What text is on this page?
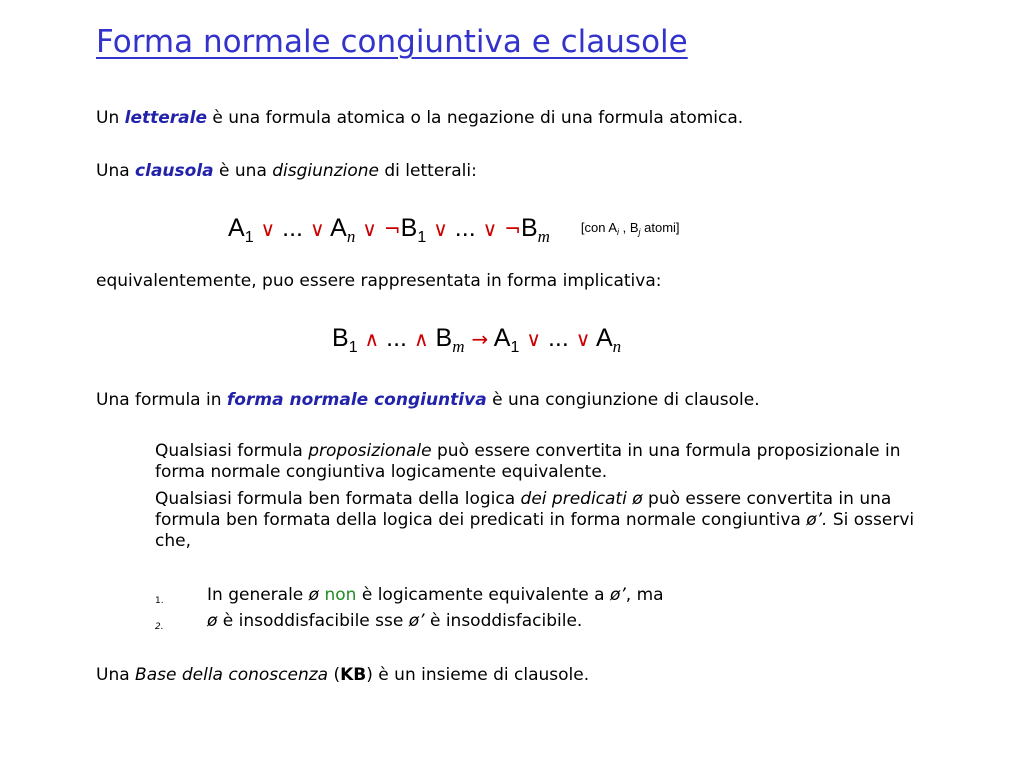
Forma normale congiuntiva e clausole
Un letterale è una formula atomica o la negazione di una formula atomica.
Una clausola è una disgiunzione di letterali:
$A_1$ ∨ ... ∨ $A_n$ ∨ $\neg B_1$ ∨ ... ∨ $\neg B_m$ [con $A_i$ , $B_j$ atomi]
equivalentemente, puo essere rappresentata in forma implicativa:
$B_1$ ∧ ... ∧ $B_m \to A_1$ ∨ ... ∨ $A_n$
Una formula in forma normale congiuntiva è una congiunzione di clausole.

Qualsiasi formula proposizionale può essere convertita in una formula proposizionale in forma normale congiuntiva logicamente equivalente.

Qualsiasi formula ben formata della logica dei predicati ø può essere convertita in una formula ben formata della logica dei predicati in forma normale congiuntiva ø’. Si osservi che,

1.	In generale ø non è logicamente equivalente a ø’, ma
2.	ø è insoddisfacibile sse ø’ è insoddisfacibile.
Una Base della conoscenza (KB) è un insieme di clausole.
